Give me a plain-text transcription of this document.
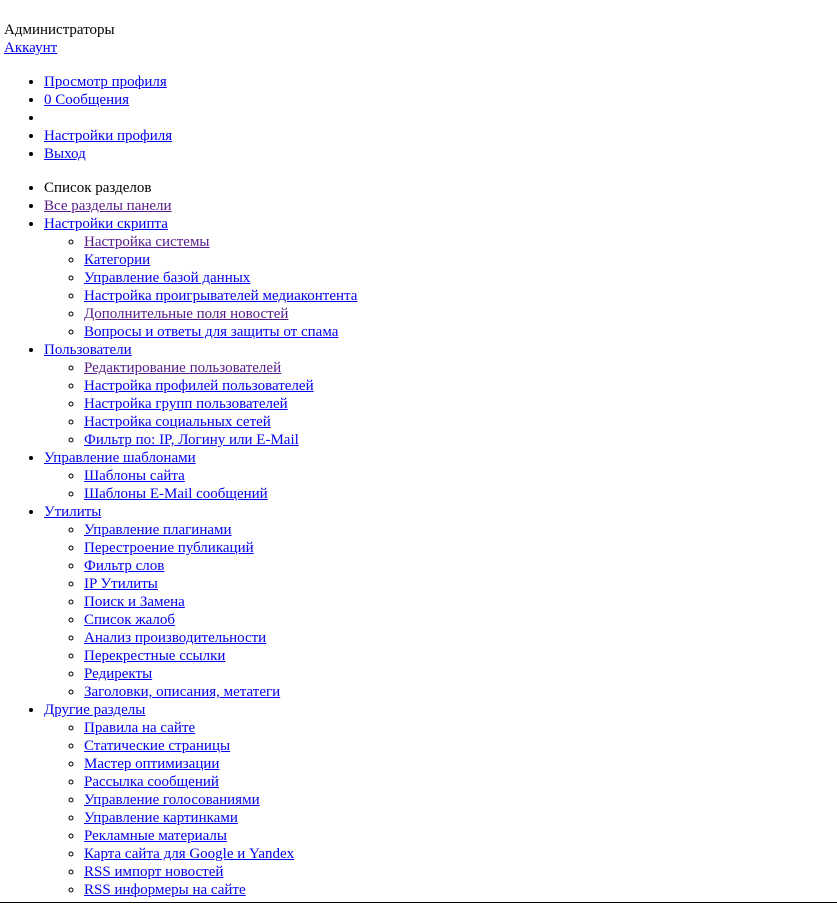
Администраторы
Аккаунт
• Просмотр профиля
• 0 Сообщения
•
• Настройки профиля
• Выход
• Список разделов
• Все разделы панели
• Настройки скрипта
◦ Настройка системы
◦ Категории
◦ Управление базой данных
◦ Настройка проигрывателей медиаконтента
◦ Дополнительные поля новостей
◦ Вопросы и ответы для защиты от спама
• Пользователи
◦ Редактирование пользователей
◦ Настройка профилей пользователей
◦ Настройка групп пользователей
◦ Настройка социальных сетей
◦ Фильтр по: IP, Логину или E-Mail
• Управление шаблонами
◦ Шаблоны сайта
◦ Шаблоны E-Mail сообщений
• Утилиты
◦ Управление плагинами
◦ Перестроение публикаций
◦ Фильтр слов
◦ IP Утилиты
◦ Поиск и Замена
◦ Список жалоб
◦ Анализ производительности
◦ Перекрестные ссылки
◦ Редиректы
◦ Заголовки, описания, метатеги
• Другие разделы
◦ Правила на сайте
◦ Статические страницы
◦ Мастер оптимизации
◦ Рассылка сообщений
◦ Управление голосованиями
◦ Управление картинками
◦ Рекламные материалы
◦ Карта сайта для Google и Yandex
◦ RSS импорт новостей
◦ RSS информеры на сайте
